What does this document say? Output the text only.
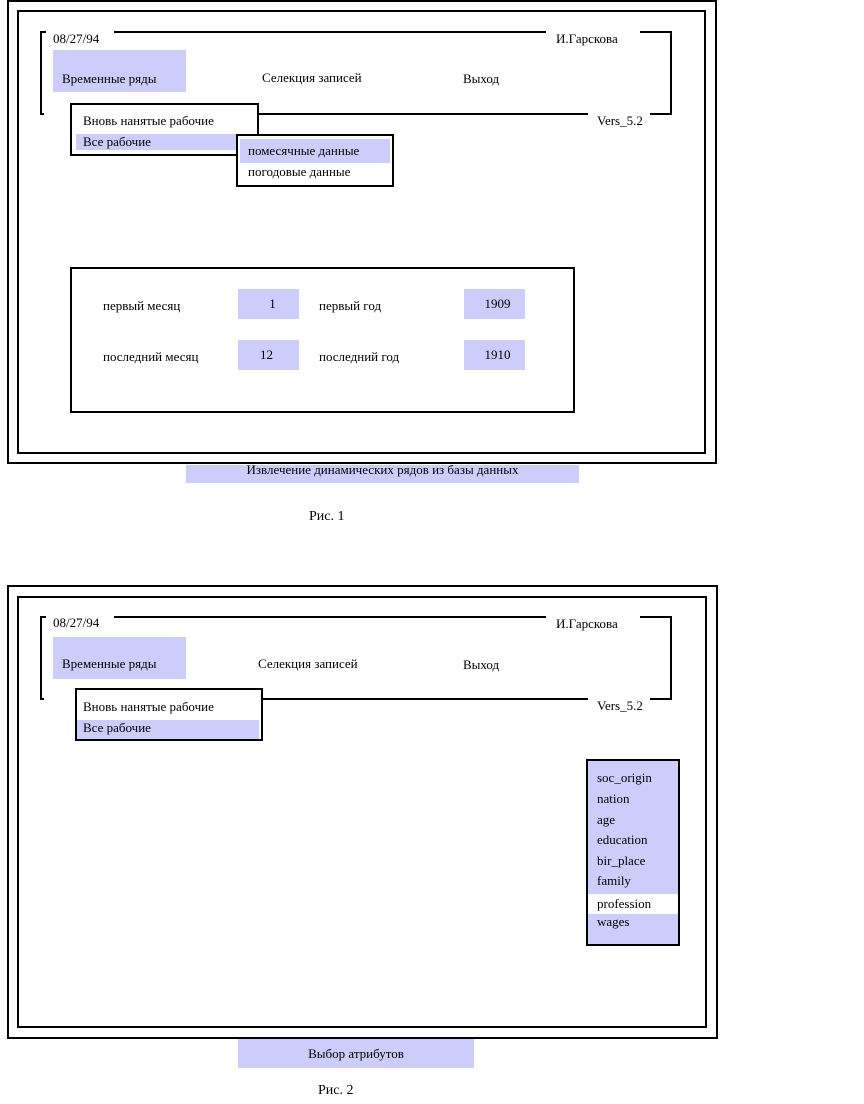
08/27/94	И.Гарскова
Vers_5.2
Временные ряды	Селекция записей	Выход
Вновь нанятые рабочие
Все рабочие
помесячные данные
погодовые данные
первый месяц	1	первый год	1909
последний месяц	12	последний год	1910
Извлечение динамических рядов из базы данных
Рис. 1
08/27/94	И.Гарскова
Vers_5.2
Временные ряды	Селекция записей	Выход
Вновь нанятые рабочие
Все рабочие
soc_origin
nation
age
education
bir_place
family
profession
wages
Выбор атрибутов
Рис. 2
